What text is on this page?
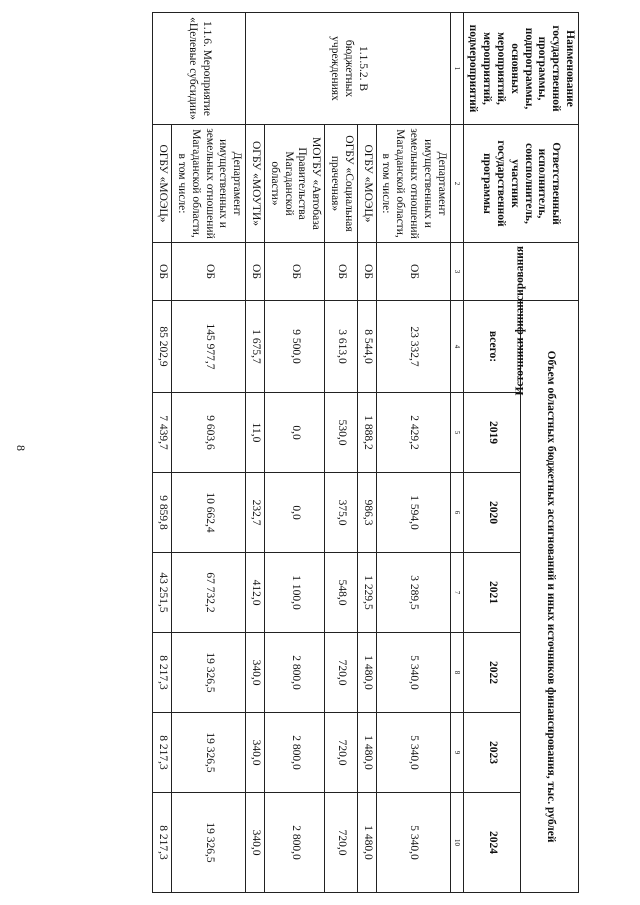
8
Наименование государственной программы, подпрограммы, основных мероприятий, мероприятий, подмероприятий	Ответственный исполнитель, соисполнитель, участник государственной программы	Источники финансирования	Объем областных бюджетных ассигнований и иных источников финансирования, тыс. рублей						
			всего:	2019	2020	2021	2022	2023	2024
1	2	3	4	5	6	7	8	9	10
1.1.5.2. В бюджетных учреждениях	Департамент имущественных и земельных отношений Магаданской области, в том числе:	ОБ	23 332,7	2 429,2	1 594,0	3 289,5	5 340,0	5 340,0	5 340,0
	ОГБУ «МОЭЦ»	ОБ	8 544,0	1 888,2	986,3	1 229,5	1 480,0	1 480,0	1 480,0
	ОГБУ «Социальная прачечная»	ОБ	3 613,0	530,0	375,0	548,0	720,0	720,0	720,0
	МОГБУ «Автобаза Правительства Магаданской области»	ОБ	9 500,0	0,0	0,0	1 100,0	2 800,0	2 800,0	2 800,0
	ОГБУ «МОУТИ»	ОБ	1 675,7	11,0	232,7	412,0	340,0	340,0	340,0
1.1.6. Мероприятие «Целевые субсидии»	Департамент имущественных и земельных отношений Магаданской области, в том числе:	ОБ	145 977,7	9 603,6	10 662,4	67 732,2	19 326,5	19 326,5	19 326,5
	ОГБУ «МОЭЦ»	ОБ	85 202,9	7 439,7	9 859,8	43 251,5	8 217,3	8 217,3	8 217,3
